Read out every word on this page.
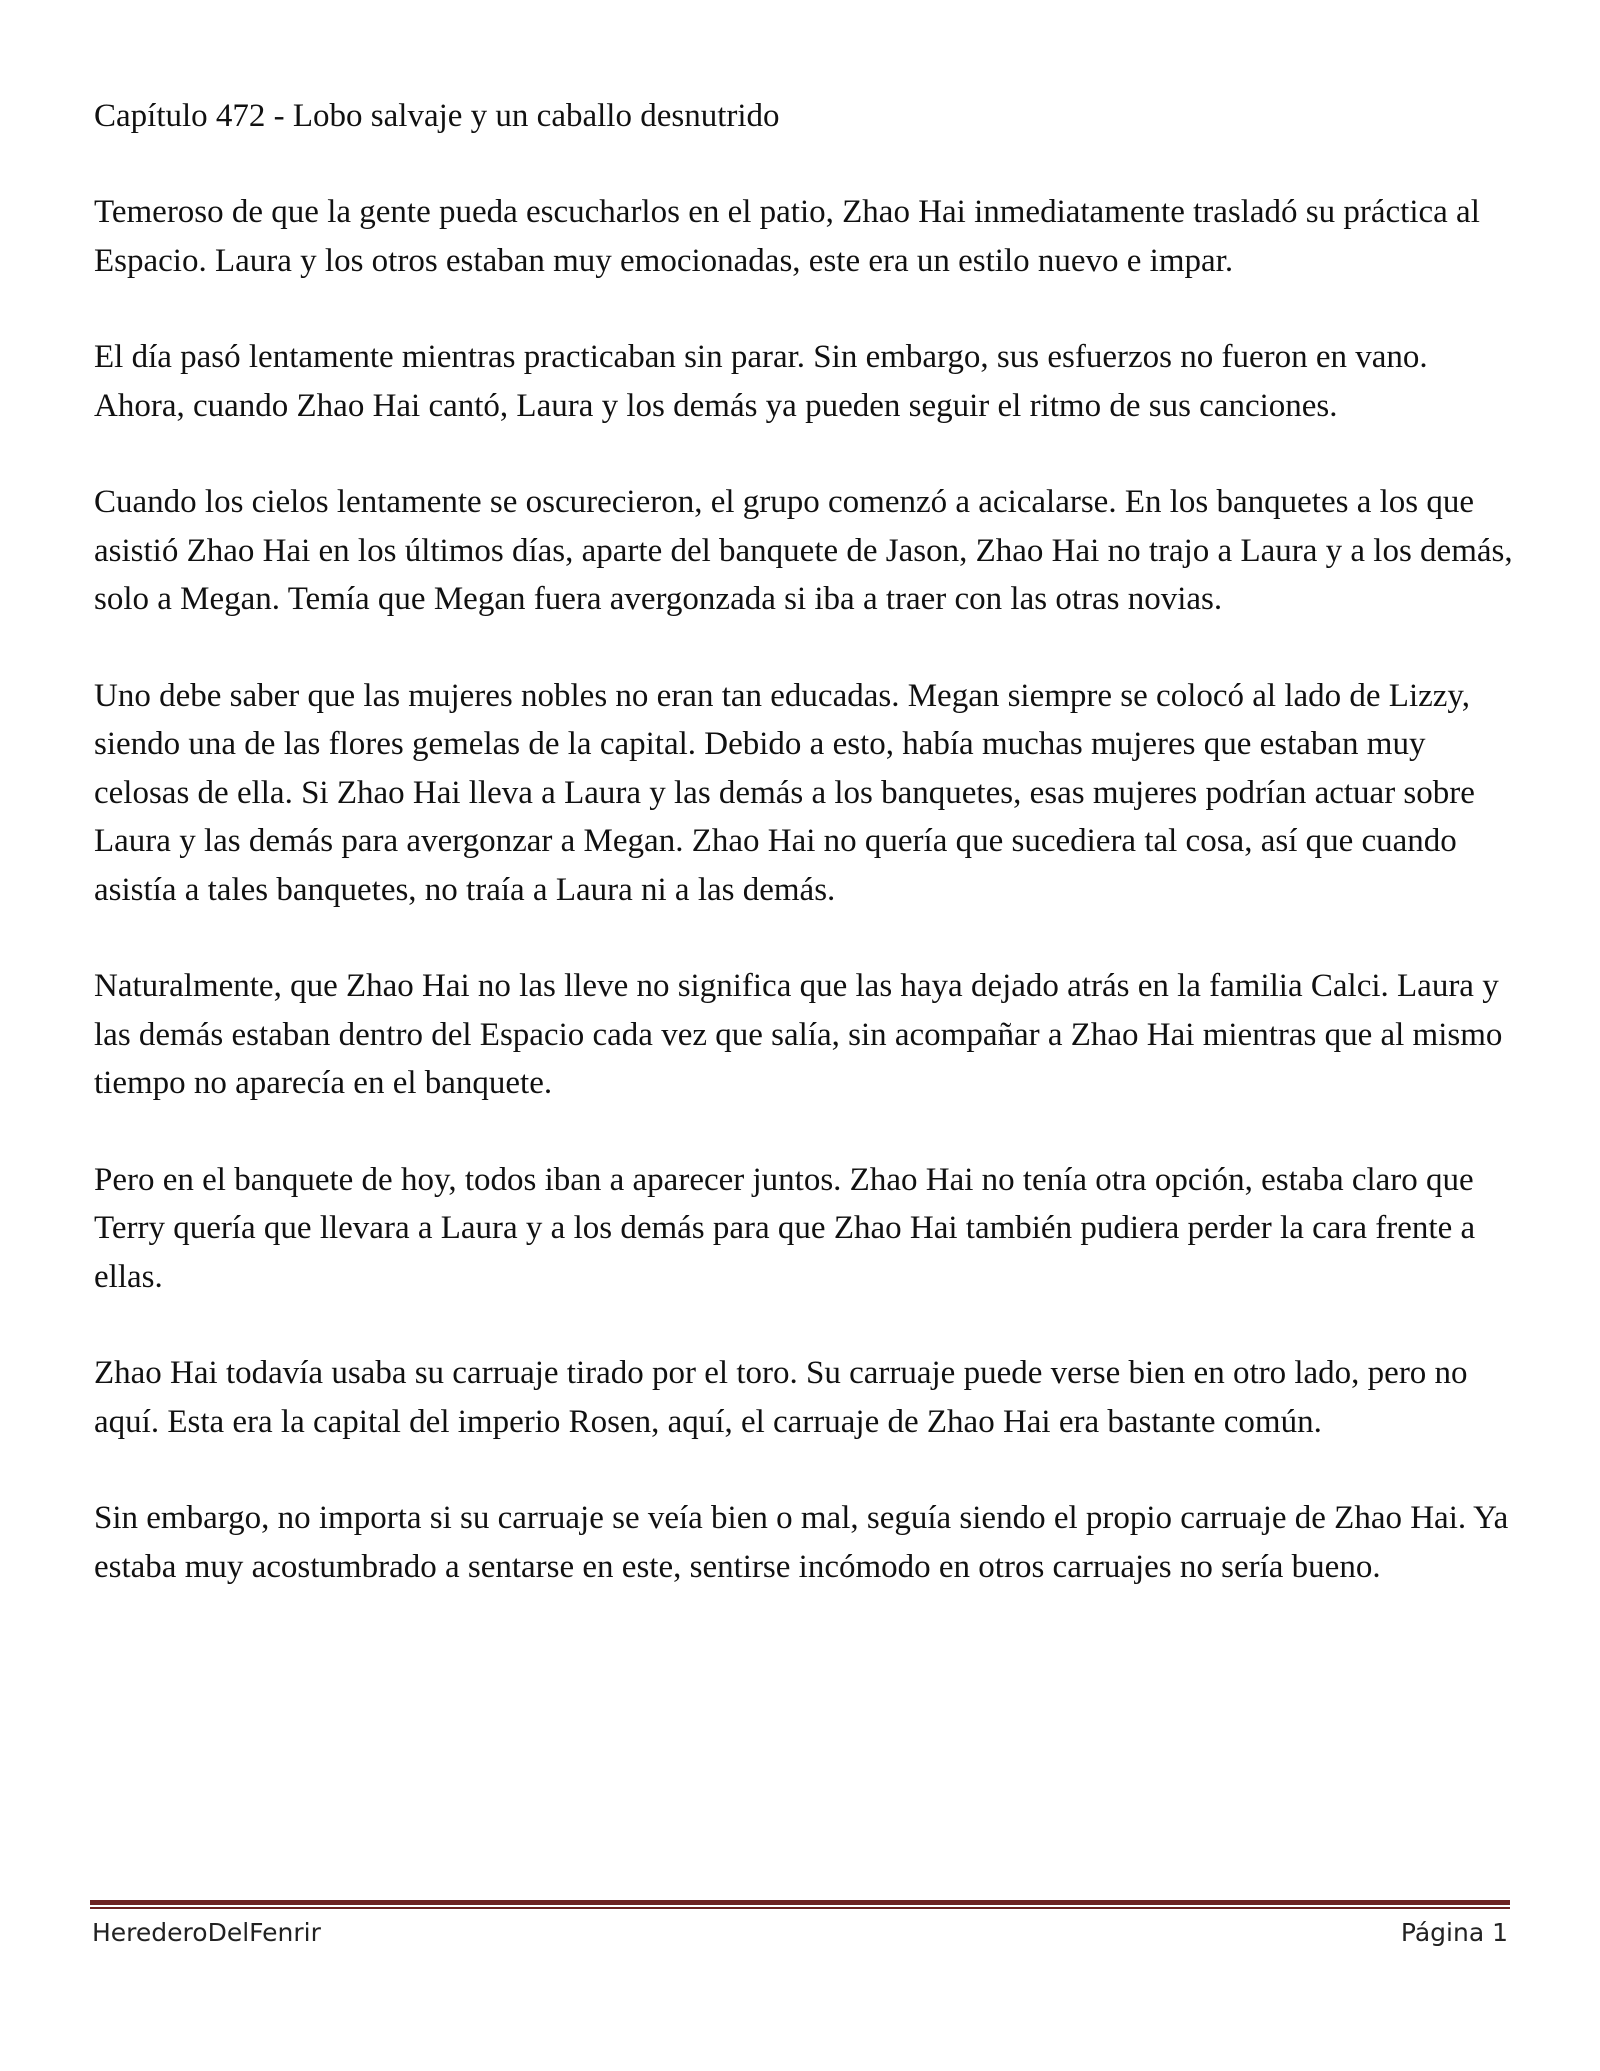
Capítulo 472 - Lobo salvaje y un caballo desnutrido

Temeroso de que la gente pueda escucharlos en el patio, Zhao Hai inmediatamente trasladó su práctica al Espacio. Laura y los otros estaban muy emocionadas, este era un estilo nuevo e impar.

El día pasó lentamente mientras practicaban sin parar. Sin embargo, sus esfuerzos no fueron en vano. Ahora, cuando Zhao Hai cantó, Laura y los demás ya pueden seguir el ritmo de sus canciones.

Cuando los cielos lentamente se oscurecieron, el grupo comenzó a acicalarse. En los banquetes a los que asistió Zhao Hai en los últimos días, aparte del banquete de Jason, Zhao Hai no trajo a Laura y a los demás, solo a Megan. Temía que Megan fuera avergonzada si iba a traer con las otras novias.

Uno debe saber que las mujeres nobles no eran tan educadas. Megan siempre se colocó al lado de Lizzy, siendo una de las flores gemelas de la capital. Debido a esto, había muchas mujeres que estaban muy celosas de ella. Si Zhao Hai lleva a Laura y las demás a los banquetes, esas mujeres podrían actuar sobre Laura y las demás para avergonzar a Megan. Zhao Hai no quería que sucediera tal cosa, así que cuando asistía a tales banquetes, no traía a Laura ni a las demás.

Naturalmente, que Zhao Hai no las lleve no significa que las haya dejado atrás en la familia Calci. Laura y las demás estaban dentro del Espacio cada vez que salía, sin acompañar a Zhao Hai mientras que al mismo tiempo no aparecía en el banquete.

Pero en el banquete de hoy, todos iban a aparecer juntos. Zhao Hai no tenía otra opción, estaba claro que Terry quería que llevara a Laura y a los demás para que Zhao Hai también pudiera perder la cara frente a ellas.

Zhao Hai todavía usaba su carruaje tirado por el toro. Su carruaje puede verse bien en otro lado, pero no aquí. Esta era la capital del imperio Rosen, aquí, el carruaje de Zhao Hai era bastante común.

Sin embargo, no importa si su carruaje se veía bien o mal, seguía siendo el propio carruaje de Zhao Hai. Ya estaba muy acostumbrado a sentarse en este, sentirse incómodo en otros carruajes no sería bueno.

HerederoDelFenrir	Página 1
